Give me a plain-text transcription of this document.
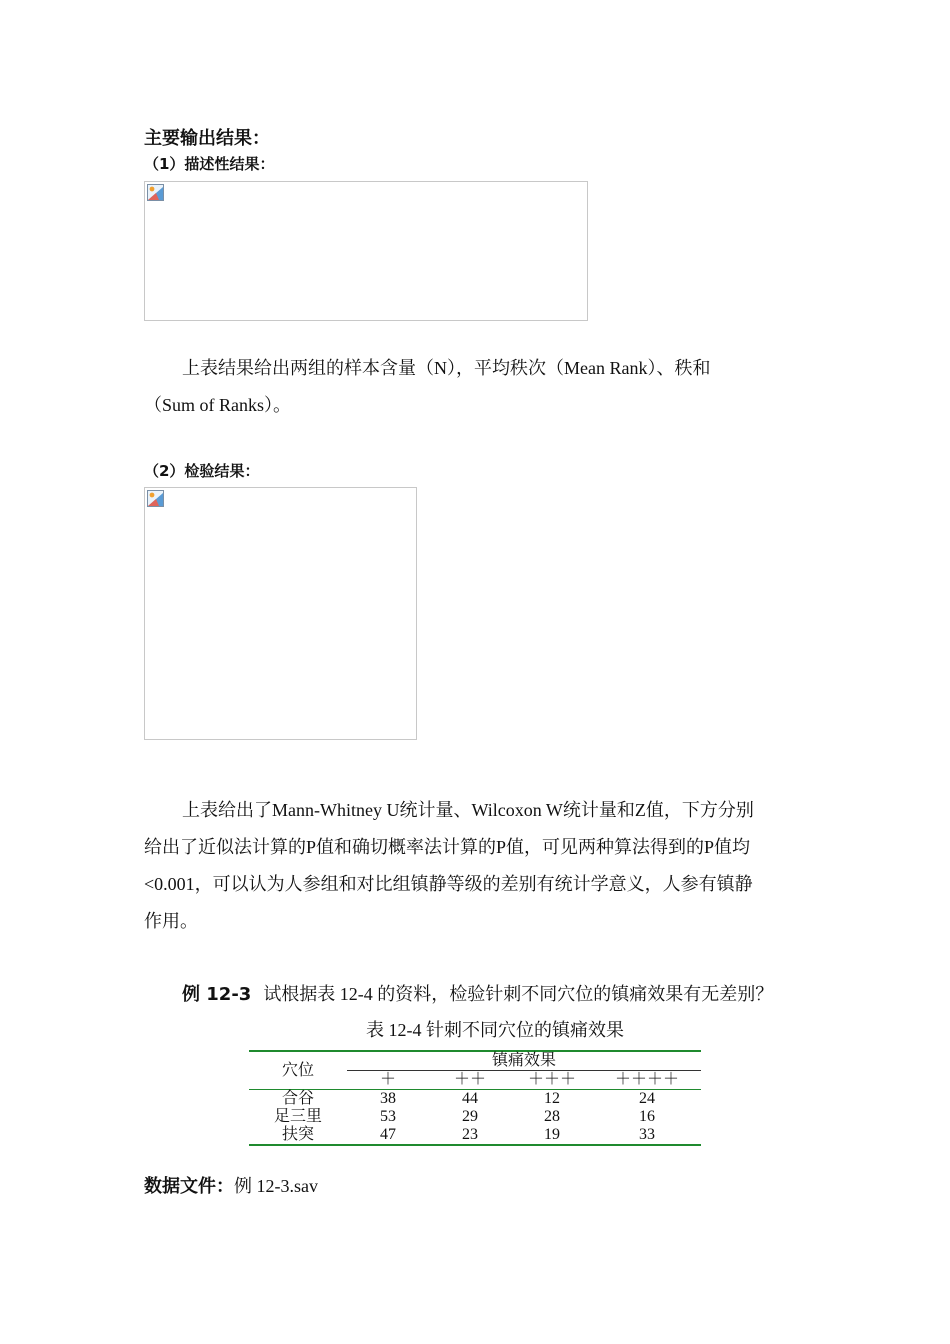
主要输出结果：
（1）描述性结果：
上表结果给出两组的样本含量（N），平均秩次（Mean Rank）、秩和
（Sum of Ranks）。
（2）检验结果：
上表给出了Mann-Whitney U统计量、Wilcoxon W统计量和Z值，下方分别
给出了近似法计算的P值和确切概率法计算的P值，可见两种算法得到的P值均
<0.001，可以认为人参组和对比组镇静等级的差别有统计学意义，人参有镇静
作用。
例 12-3 试根据表 12-4 的资料，检验针刺不同穴位的镇痛效果有无差别？
表 12-4 针刺不同穴位的镇痛效果
穴位	镇痛效果			
	＋	＋＋	＋＋＋	＋＋＋＋
合谷	38	44	12	24
足三里	53	29	28	16
扶突	47	23	19	33
数据文件：例 12-3.sav
